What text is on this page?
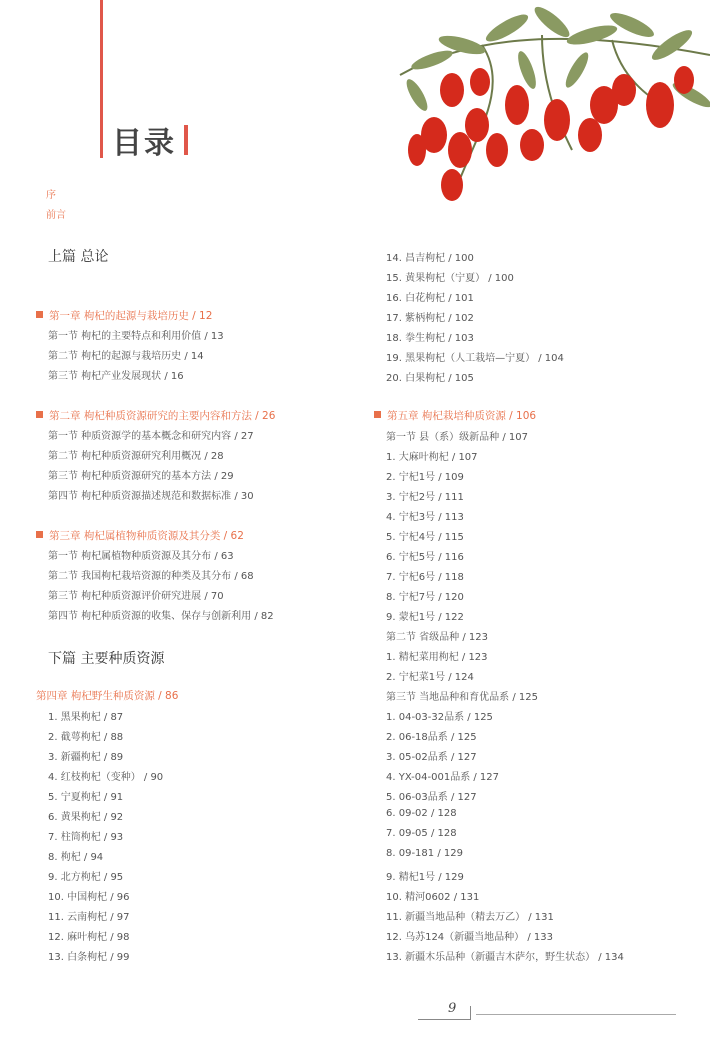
目录
序
前言
上篇 总论
第一章 枸杞的起源与栽培历史 / 12
第一节 枸杞的主要特点和利用价值 / 13
第二节 枸杞的起源与栽培历史 / 14
第三节 枸杞产业发展现状 / 16
第二章 枸杞种质资源研究的主要内容和方法 / 26
第一节 种质资源学的基本概念和研究内容 / 27
第二节 枸杞种质资源研究利用概况 / 28
第三节 枸杞种质资源研究的基本方法 / 29
第四节 枸杞种质资源描述规范和数据标准 / 30
第三章 枸杞属植物种质资源及其分类 / 62
第一节 枸杞属植物种质资源及其分布 / 63
第二节 我国枸杞栽培资源的种类及其分布 / 68
第三节 枸杞种质资源评价研究进展 / 70
第四节 枸杞种质资源的收集、保存与创新利用 / 82
下篇 主要种质资源
第四章 枸杞野生种质资源 / 86
1. 黑果枸杞 / 87
2. 截萼枸杞 / 88
3. 新疆枸杞 / 89
4. 红枝枸杞（变种） / 90
5. 宁夏枸杞 / 91
6. 黄果枸杞 / 92
7. 柱筒枸杞 / 93
8. 枸杞 / 94
9. 北方枸杞 / 95
10. 中国枸杞 / 96
11. 云南枸杞 / 97
12. 麻叶枸杞 / 98
13. 白条枸杞 / 99
14. 昌吉枸杞 / 100
15. 黄果枸杞（宁夏） / 100
16. 白花枸杞 / 101
17. 紫柄枸杞 / 102
18. 拳生枸杞 / 103
19. 黑果枸杞（人工栽培—宁夏） / 104
20. 白果枸杞 / 105
第五章 枸杞栽培种质资源 / 106
第一节 县（系）级新品种 / 107
1. 大麻叶枸杞 / 107
2. 宁杞1号 / 109
3. 宁杞2号 / 111
4. 宁杞3号 / 113
5. 宁杞4号 / 115
6. 宁杞5号 / 116
7. 宁杞6号 / 118
8. 宁杞7号 / 120
9. 蒙杞1号 / 122
第二节 省级品种 / 123
1. 精杞菜用枸杞 / 123
2. 宁杞菜1号 / 124
第三节 当地品种和育优品系 / 125
1. 04-03-32品系 / 125
2. 06-18品系 / 125
3. 05-02品系 / 127
4. YX-04-001品系 / 127
5. 06-03品系 / 127
6. 09-02 / 128
7. 09-05 / 128
8. 09-181 / 129
9. 精杞1号 / 129
10. 精河0602 / 131
11. 新疆当地品种（精去万乙） / 131
12. 乌苏124（新疆当地品种） / 133
13. 新疆木乐品种（新疆吉木萨尔，野生状态） / 134
9
